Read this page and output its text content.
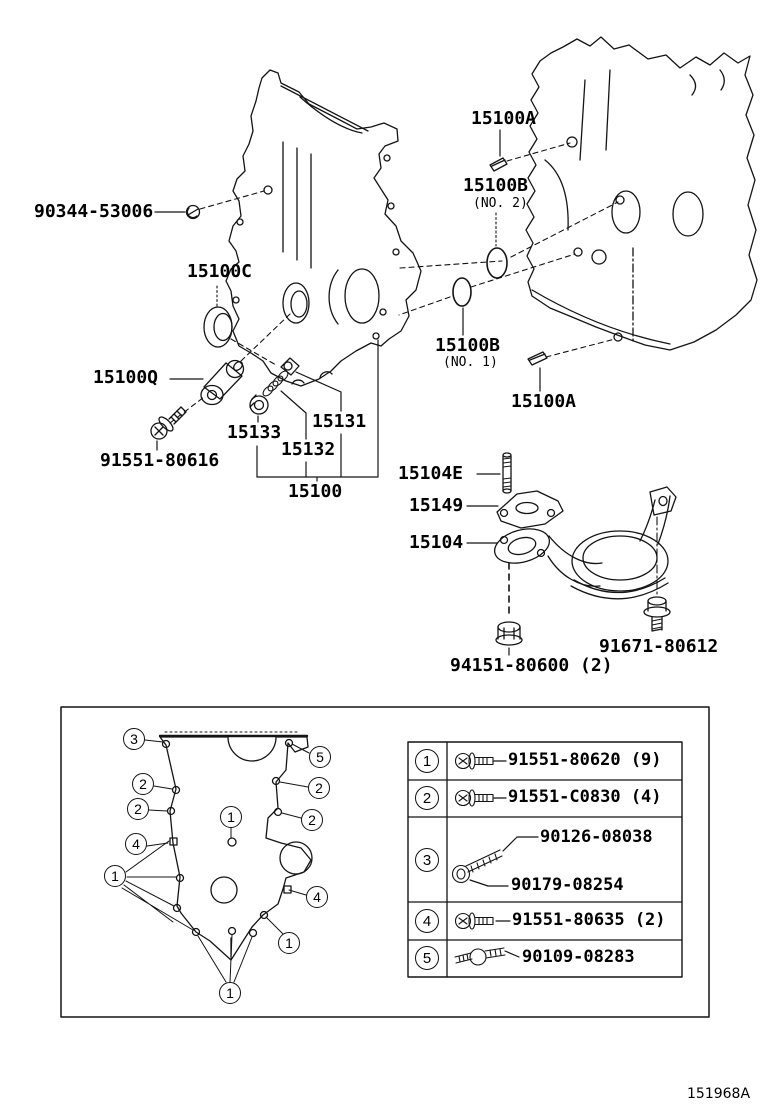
90344-53006
15100C
15100Q
91551-80616
15133
15132
15131
15100
15100A
15100B
(NO. 2)
15100B
(NO. 1)
15100A
15104E
15149
15104
94151-80600 (2)
91671-80612
3
5
2
2
4
1
1
2
2
4
1
1
1
2
3
4
5
91551-80620 (9)
91551-C0830 (4)
90126-08038
90179-08254
91551-80635 (2)
90109-08283
151968A
